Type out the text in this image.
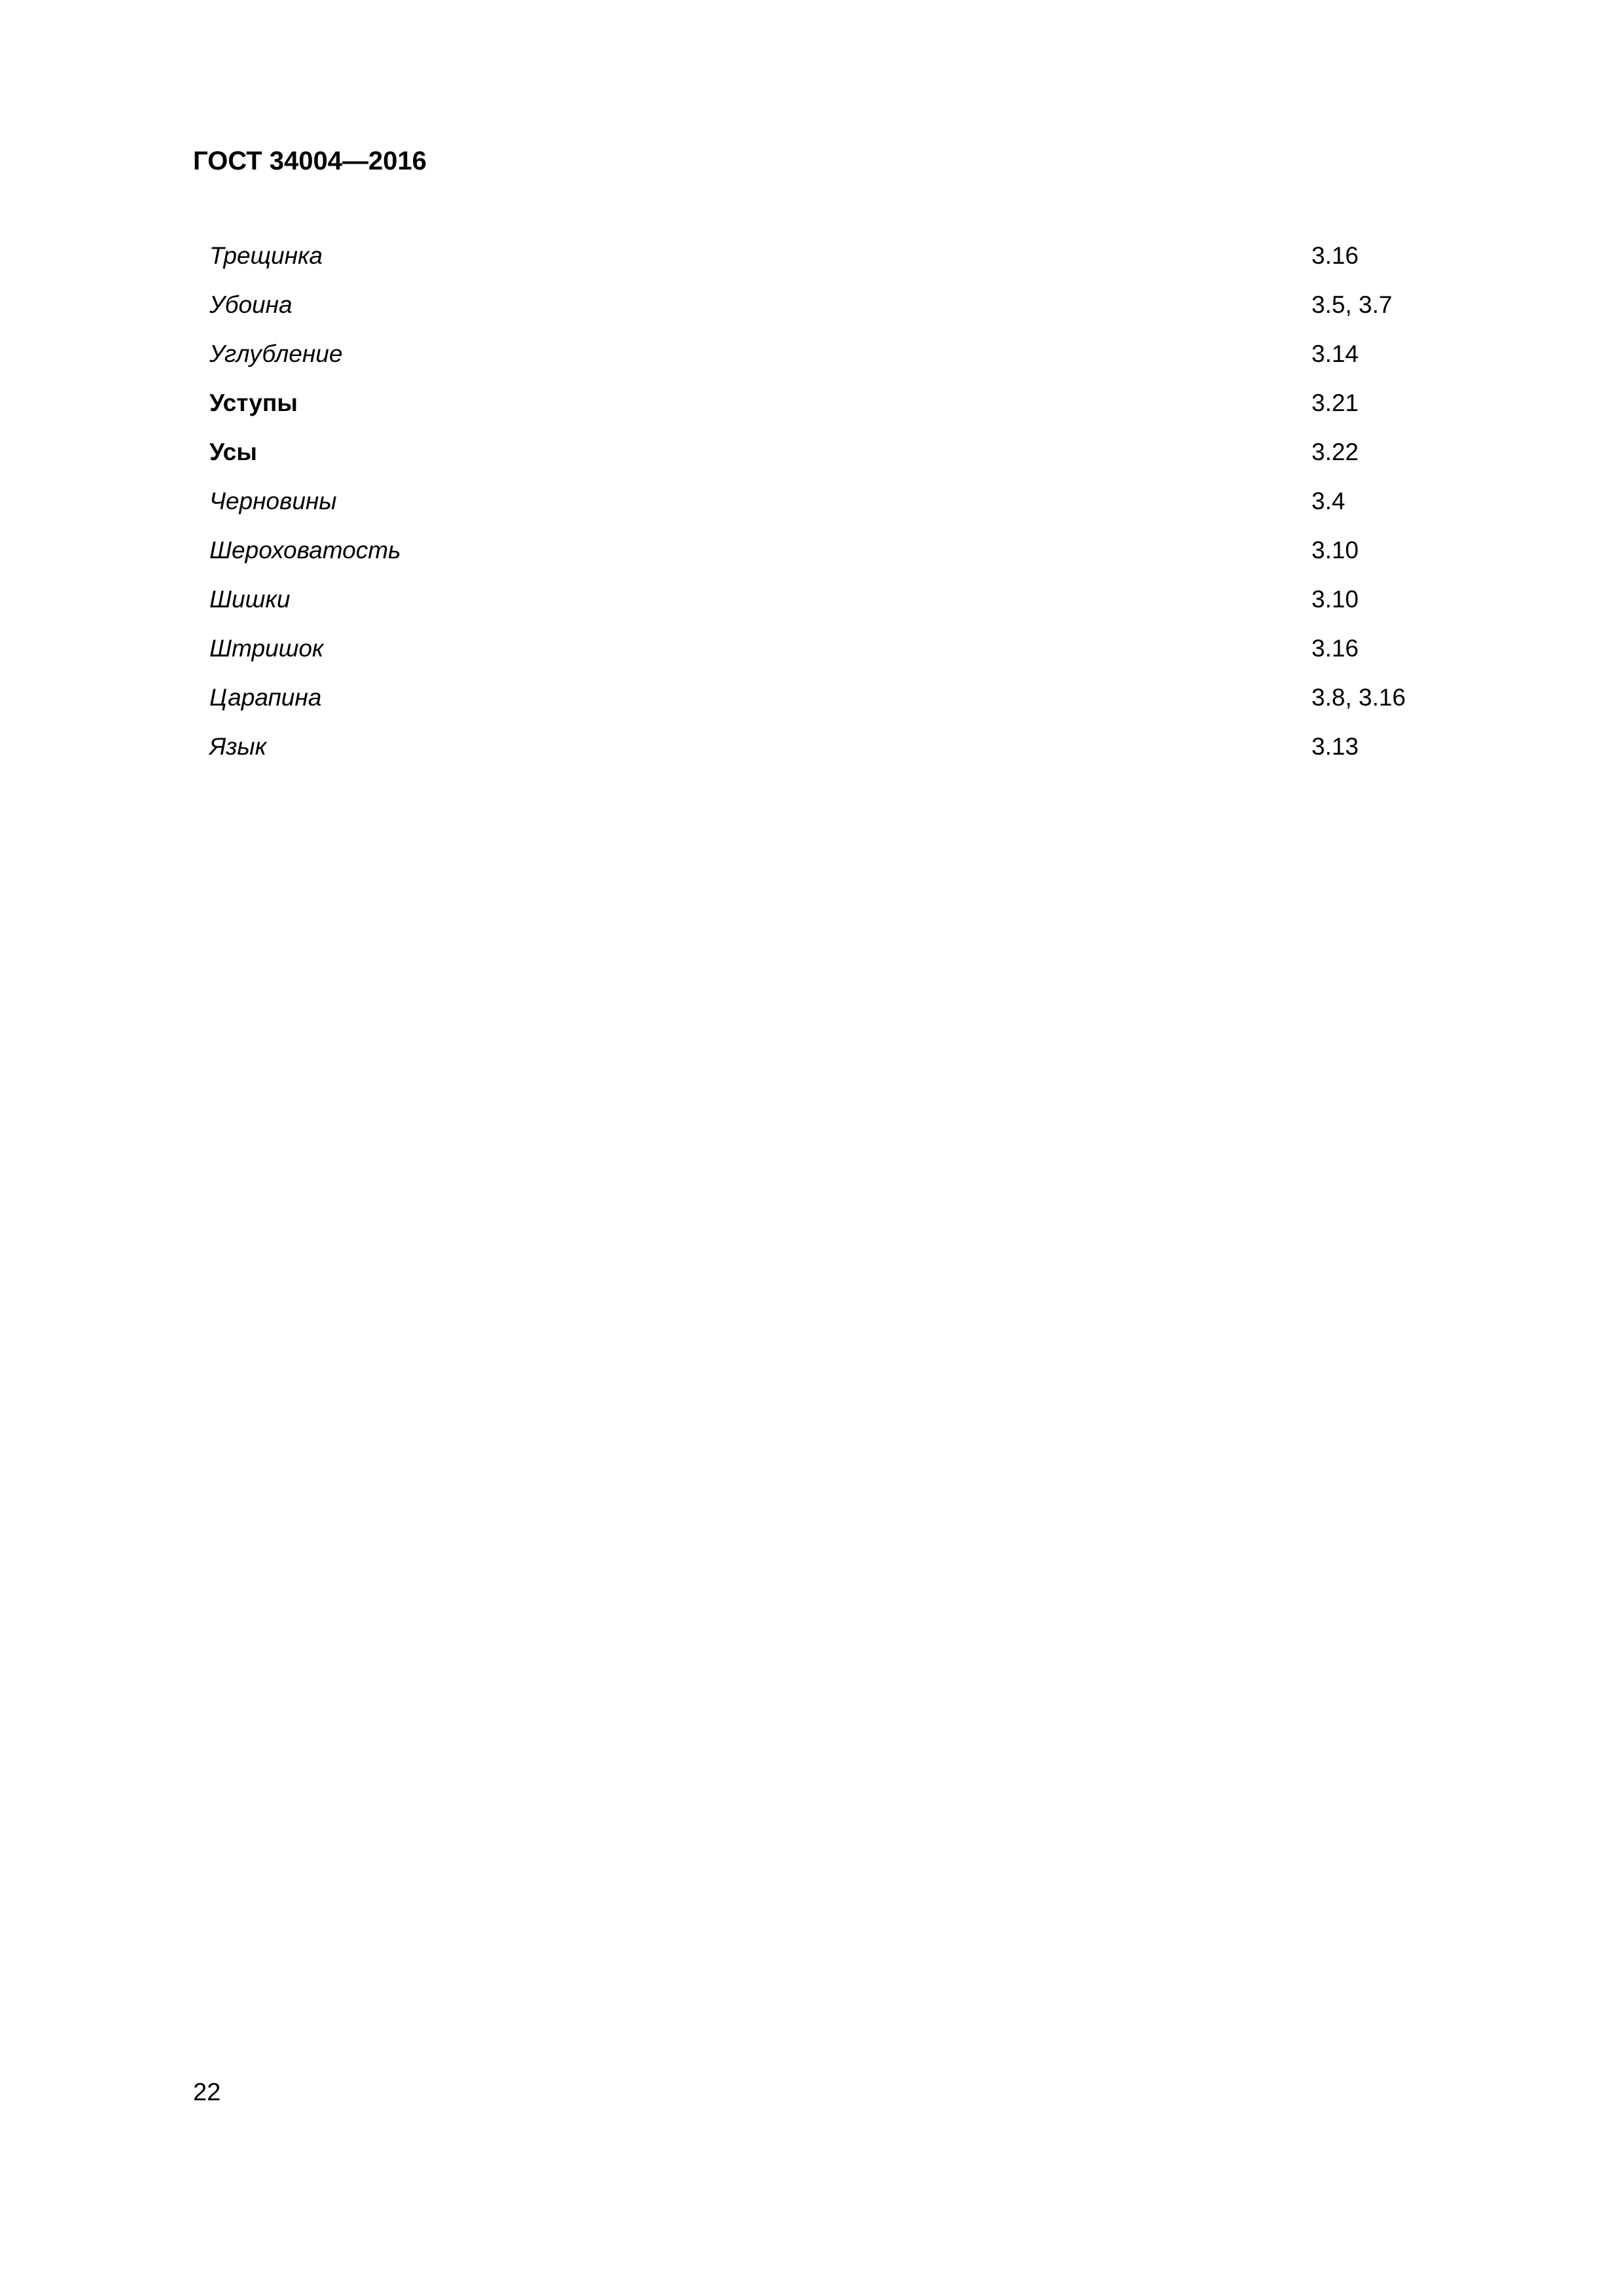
ГОСТ 34004—2016
Трещинка	3.16
Убоина	3.5, 3.7
Углубление	3.14
Уступы	3.21
Усы	3.22
Черновины	3.4
Шероховатость	3.10
Шишки	3.10
Штришок	3.16
Царапина	3.8, 3.16
Язык	3.13
22
